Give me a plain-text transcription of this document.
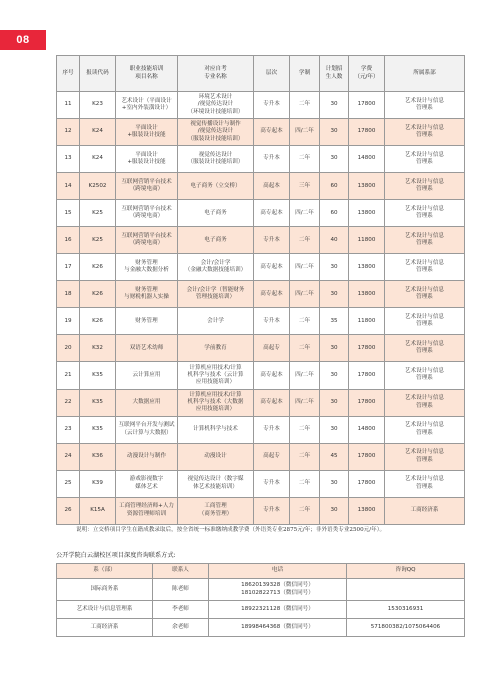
08
序号	报读代码	职业技能培训
项目名称	对应自考
专业名称	层次	学制	计划招
生人数	学费
（元/年）	所属系部
11	K23	艺术设计（平面设计
+室内外装潢设计）	环境艺术设计
/视觉传达设计
（环境设计技能培训）	专升本	二年	30	17800	艺术设计与信息
管理系
12	K24	平面设计
+服装设计技能	视觉传播设计与制作
/视觉传达设计
（服装设计技能培训）	高专起本	四/二年	30	17800	艺术设计与信息
管理系
13	K24	平面设计
+服装设计技能	视觉传达设计
（服装设计技能培训）	专升本	二年	30	14800	艺术设计与信息
管理系
14	K2502	互联网营销平台技术
（跨境电商）	电子商务（立交桥）	高起本	三年	60	13800	艺术设计与信息
管理系
15	K25	互联网营销平台技术
（跨境电商）	电子商务	高专起本	四/二年	60	13800	艺术设计与信息
管理系
16	K25	互联网营销平台技术
（跨境电商）	电子商务	专升本	二年	40	11800	艺术设计与信息
管理系
17	K26	财务管理
与金融大数据分析	会计/会计学
（金融大数据技能培训）	高专起本	四/二年	30	13800	艺术设计与信息
管理系
18	K26	财务管理
与财税机器人实操	会计/会计学（智能财务
管理技能培训）	高专起本	四/二年	30	13800	艺术设计与信息
管理系
19	K26	财务管理	会计学	专升本	二年	35	11800	艺术设计与信息
管理系
20	K32	双语艺术幼师	学前教育	高起专	二年	30	17800	艺术设计与信息
管理系
21	K35	云计算应用	计算机应用技术/计算
机科学与技术（云计算
应用技能培训）	高专起本	四/二年	30	17800	艺术设计与信息
管理系
22	K35	大数据应用	计算机应用技术/计算
机科学与技术（大数据
应用技能培训）	高专起本	四/二年	30	17800	艺术设计与信息
管理系
23	K35	互联网平台开发与测试
（云计算与大数据）	计算机科学与技术	专升本	二年	30	14800	艺术设计与信息
管理系
24	K36	动漫设计与制作	动漫设计	高起专	二年	45	17800	艺术设计与信息
管理系
25	K39	游戏影视数字
媒体艺术	视觉传达设计（数字媒
体艺术技能培训）	专升本	二年	30	17800	艺术设计与信息
管理系
26	K15A	工商管理经济师+人力
资源管理师培训	工商管理
（商务管理）	专升本	二年	30	13800	工商经济系
说明：立交桥项目学生在籍成教录取后，按全省统一标准缴纳成教学费（外语类专业2875元/年；非外语类专业2500元/年）。
公开学院白云湖校区项目深度咨询联系方式:
系（部）	联系人	电话	咨询QQ
国际商务系	陈老师	18620139328（微信同号）
18102822713（微信同号）	
艺术设计与信息管理系	李老师	18922321128（微信同号）	1530316931
工商经济系	余老师	18998464368（微信同号）	571800382/1075064406
